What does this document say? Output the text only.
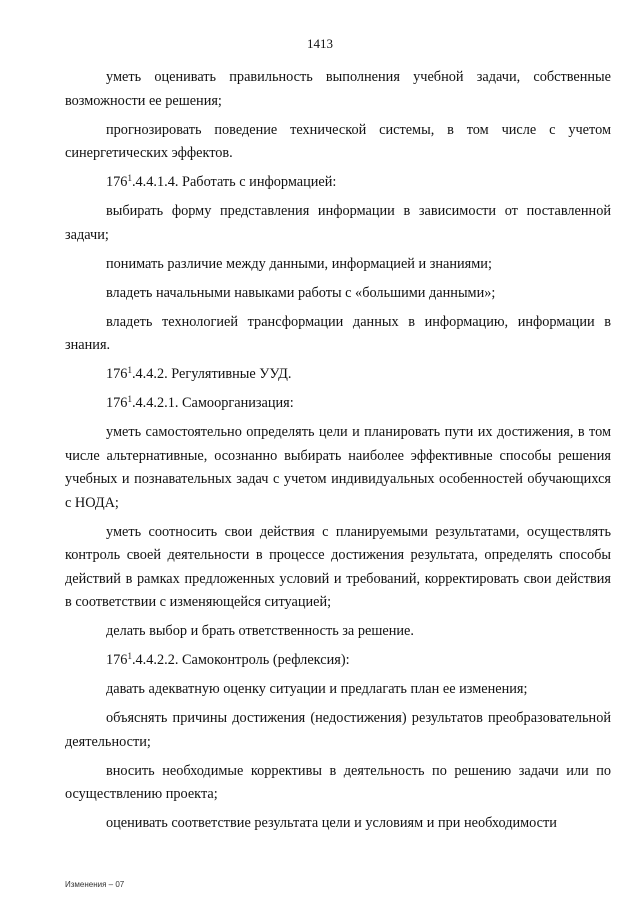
1413

уметь оценивать правильность выполнения учебной задачи, собственные возможности ее решения;

прогнозировать поведение технической системы, в том числе с учетом синергетических эффектов.

$176^1.4.4.1.4$. Работать с информацией:

выбирать форму представления информации в зависимости от поставленной задачи;

понимать различие между данными, информацией и знаниями;

владеть начальными навыками работы с «большими данными»;

владеть технологией трансформации данных в информацию, информации в знания.

$176^1.4.4.2$. Регулятивные УУД.

$176^1.4.4.2.1$. Самоорганизация:

уметь самостоятельно определять цели и планировать пути их достижения, в том числе альтернативные, осознанно выбирать наиболее эффективные способы решения учебных и познавательных задач с учетом индивидуальных особенностей обучающихся с НОДА;

уметь соотносить свои действия с планируемыми результатами, осуществлять контроль своей деятельности в процессе достижения результата, определять способы действий в рамках предложенных условий и требований, корректировать свои действия в соответствии с изменяющейся ситуацией;

делать выбор и брать ответственность за решение.

$176^1.4.4.2.2$. Самоконтроль (рефлексия):

давать адекватную оценку ситуации и предлагать план ее изменения;

объяснять причины достижения (недостижения) результатов преобразовательной деятельности;

вносить необходимые коррективы в деятельность по решению задачи или по осуществлению проекта;

оценивать соответствие результата цели и условиям и при необходимости

Изменения – 07
